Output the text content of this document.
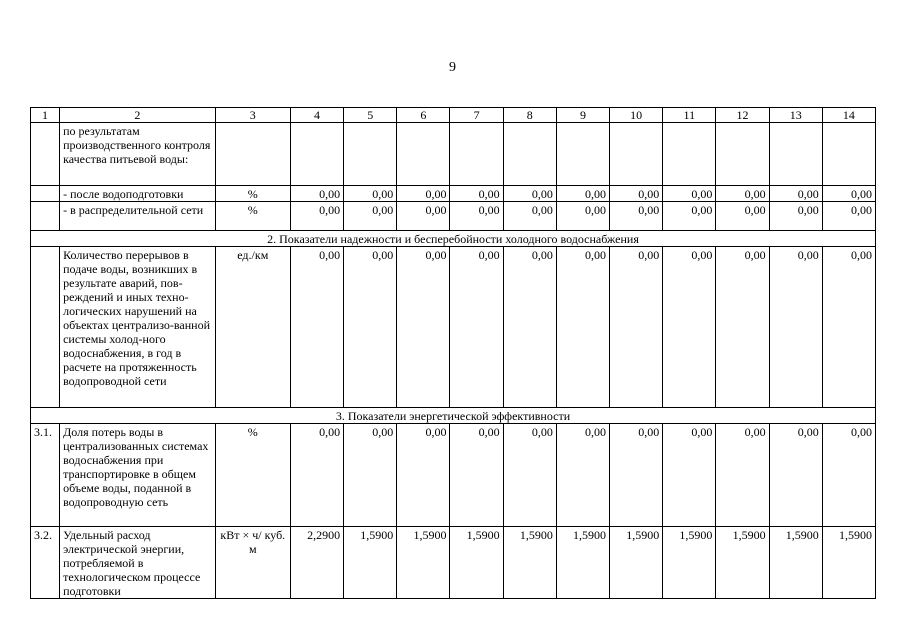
9
1	2	3	4	5	6	7	8	9	10	11	12	13	14
	по результатам производственного контроля качества питьевой воды:												
	- после водоподготовки	%	0,00	0,00	0,00	0,00	0,00	0,00	0,00	0,00	0,00	0,00	0,00
	- в распределительной сети	%	0,00	0,00	0,00	0,00	0,00	0,00	0,00	0,00	0,00	0,00	0,00
2. Показатели надежности и бесперебойности холодного водоснабжения													
	Количество перерывов в подаче воды, возникших в результате аварий, пов-реждений и иных техно-логических нарушений на объектах централизо-ванной системы холод-ного водоснабжения, в год в расчете на протяженность водопроводной сети	ед./км	0,00	0,00	0,00	0,00	0,00	0,00	0,00	0,00	0,00	0,00	0,00
3. Показатели энергетической эффективности													
3.1.	Доля потерь воды в централизованных системах водоснабжения при транспортировке в общем объеме воды, поданной в водопроводную сеть	%	0,00	0,00	0,00	0,00	0,00	0,00	0,00	0,00	0,00	0,00	0,00
3.2.	Удельный расход электрической энергии, потребляемой в технологическом процессе подготовки	кВт × ч/ куб. м	2,2900	1,5900	1,5900	1,5900	1,5900	1,5900	1,5900	1,5900	1,5900	1,5900	1,5900
